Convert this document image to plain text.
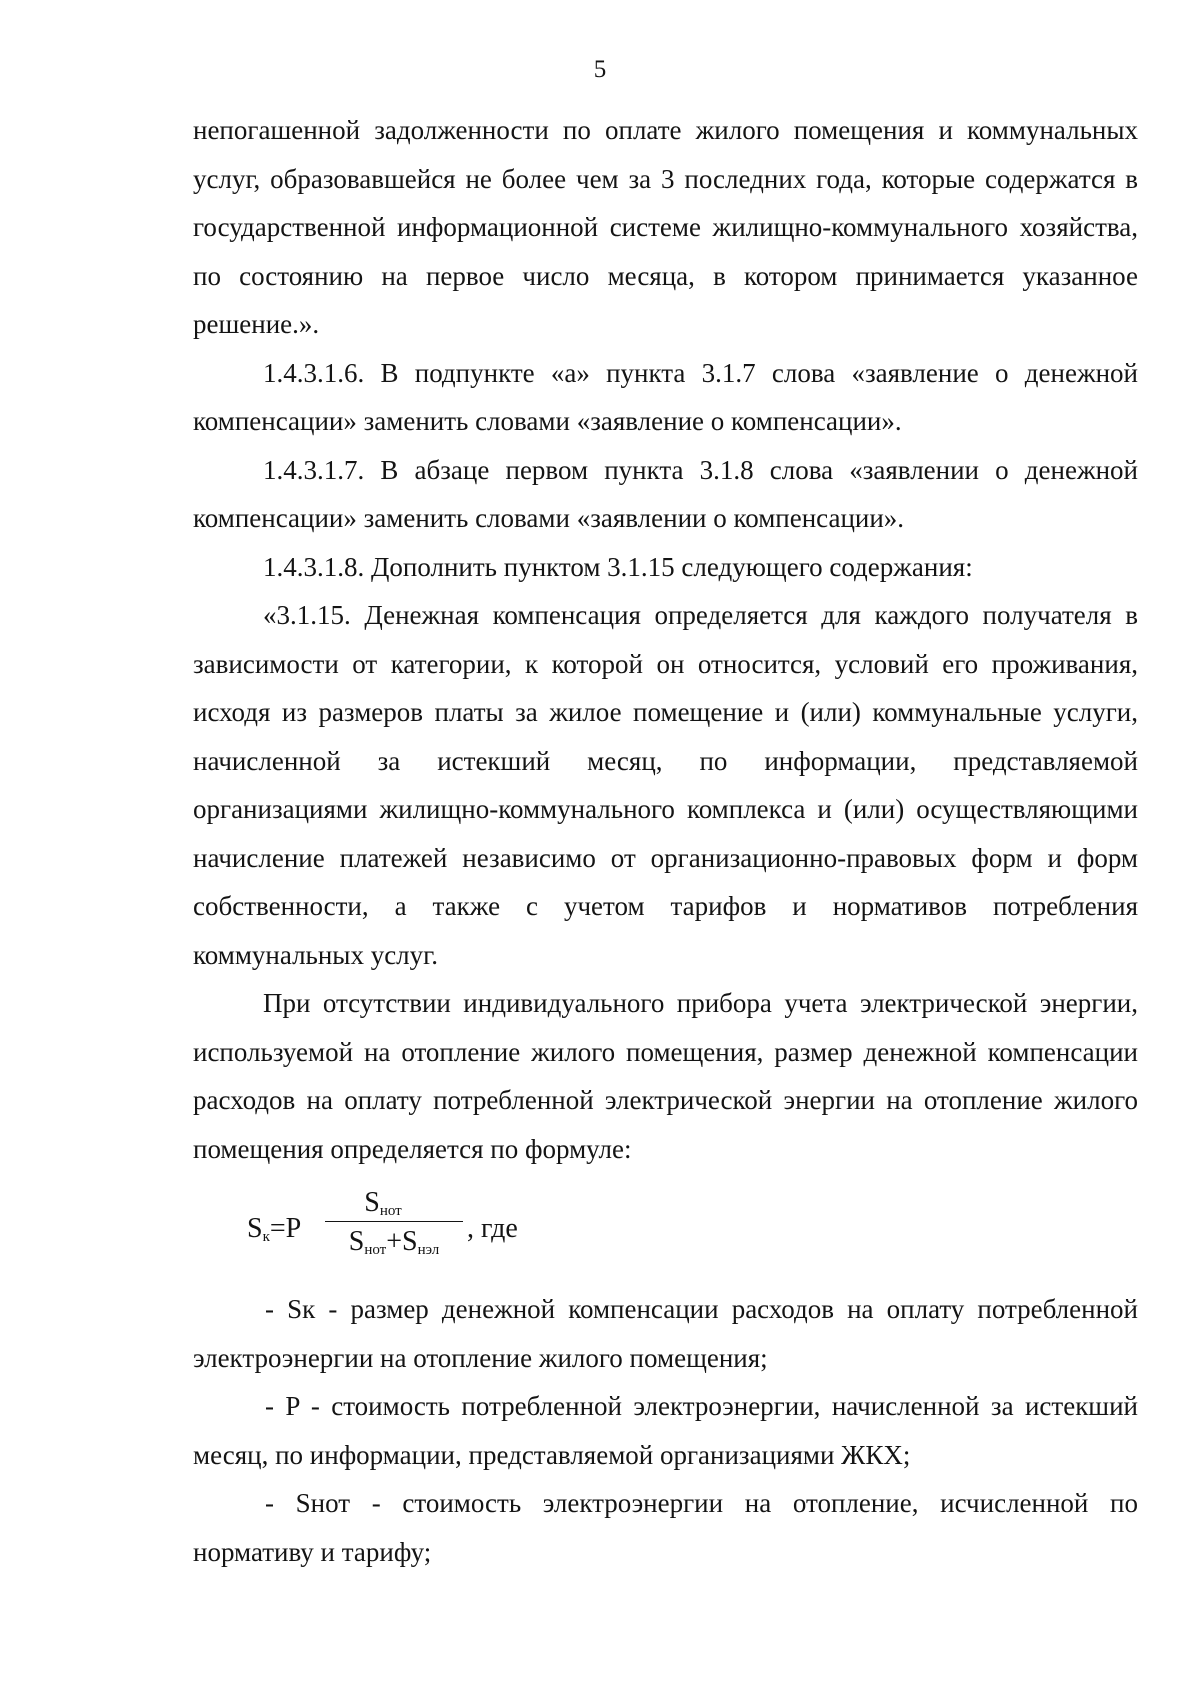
5

непогашенной задолженности по оплате жилого помещения и коммунальных услуг, образовавшейся не более чем за 3 последних года, которые содержатся в государственной информационной системе жилищно-коммунального хозяйства, по состоянию на первое число месяца, в котором принимается указанное решение.».

1.4.3.1.6. В подпункте «а» пункта 3.1.7 слова «заявление о денежной компенсации» заменить словами «заявление о компенсации».

1.4.3.1.7. В абзаце первом пункта 3.1.8 слова «заявлении о денежной компенсации» заменить словами «заявлении о компенсации».

1.4.3.1.8. Дополнить пунктом 3.1.15 следующего содержания:

«3.1.15. Денежная компенсация определяется для каждого получателя в зависимости от категории, к которой он относится, условий его проживания, исходя из размеров платы за жилое помещение и (или) коммунальные услуги, начисленной за истекший месяц, по информации, представляемой организациями жилищно-коммунального комплекса и (или) осуществляющими начисление платежей независимо от организационно-правовых форм и форм собственности, а также с учетом тарифов и нормативов потребления коммунальных услуг.

При отсутствии индивидуального прибора учета электрической энергии, используемой на отопление жилого помещения, размер денежной компенсации расходов на оплату потребленной электрической энергии на отопление жилого помещения определяется по формуле:

$S_к=P$
$S_{нот}$
$S_{нот}+S_{нэл}$
, где

- Sк - размер денежной компенсации расходов на оплату потребленной электроэнергии на отопление жилого помещения;

- P - стоимость потребленной электроэнергии, начисленной за истекший месяц, по информации, представляемой организациями ЖКХ;

- Sнот - стоимость электроэнергии на отопление, исчисленной по нормативу и тарифу;
